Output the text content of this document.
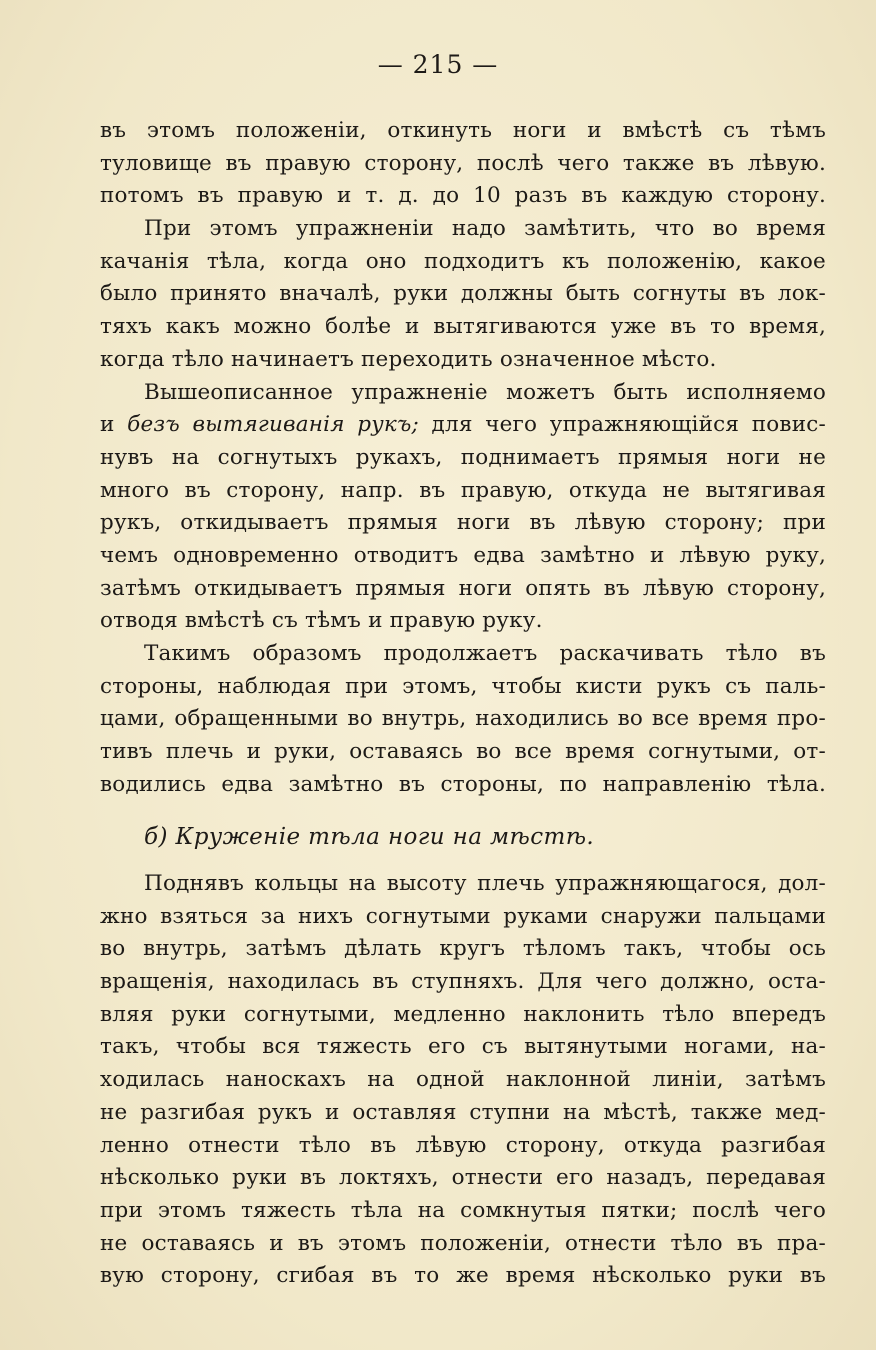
— 215 —
въ этомъ положенiи, откинуть ноги и вмѣстѣ съ тѣмъ
туловище въ правую сторону, послѣ чего также въ лѣвую.
потомъ въ правую и т. д. до 10 разъ въ каждую сторону.
При этомъ упражненiи надо замѣтить, что во время
качанiя тѣла, когда оно подходитъ къ положенiю, какое
было принято вначалѣ, руки должны быть согнуты въ лок-
тяхъ какъ можно болѣе и вытягиваются уже въ то время,
когда тѣло начинаетъ переходить означенное мѣсто.
Вышеописанное упражненiе можетъ быть исполняемо
и безъ вытягиванiя рукъ; для чего упражняющiйся повис-
нувъ на согнутыхъ рукахъ, поднимаетъ прямыя ноги не
много въ сторону, напр. въ правую, откуда не вытягивая
рукъ, откидываетъ прямыя ноги въ лѣвую сторону; при
чемъ одновременно отводитъ едва замѣтно и лѣвую руку,
затѣмъ откидываетъ прямыя ноги опять въ лѣвую сторону,
отводя вмѣстѣ съ тѣмъ и правую руку.
Такимъ образомъ продолжаетъ раскачивать тѣло въ
стороны, наблюдая при этомъ, чтобы кисти рукъ съ паль-
цами, обращенными во внутрь, находились во все время про-
тивъ плечь и руки, оставаясь во все время согнутыми, от-
водились едва замѣтно въ стороны, по направленiю тѣла.
б) Круженiе тѣла ноги на мѣстѣ.
Поднявъ кольцы на высоту плечь упражняющагося, дол-
жно взяться за нихъ согнутыми руками снаружи пальцами
во внутрь, затѣмъ дѣлать кругъ тѣломъ такъ, чтобы ось
вращенiя, находилась въ ступняхъ. Для чего должно, оста-
вляя руки согнутыми, медленно наклонить тѣло впередъ
такъ, чтобы вся тяжесть его съ вытянутыми ногами, на-
ходилась наноскахъ на одной наклонной линiи, затѣмъ
не разгибая рукъ и оставляя ступни на мѣстѣ, также мед-
ленно отнести тѣло въ лѣвую сторону, откуда разгибая
нѣсколько руки въ локтяхъ, отнести его назадъ, передавая
при этомъ тяжесть тѣла на сомкнутыя пятки; послѣ чего
не оставаясь и въ этомъ положенiи, отнести тѣло въ пра-
вую сторону, сгибая въ то же время нѣсколько руки въ
